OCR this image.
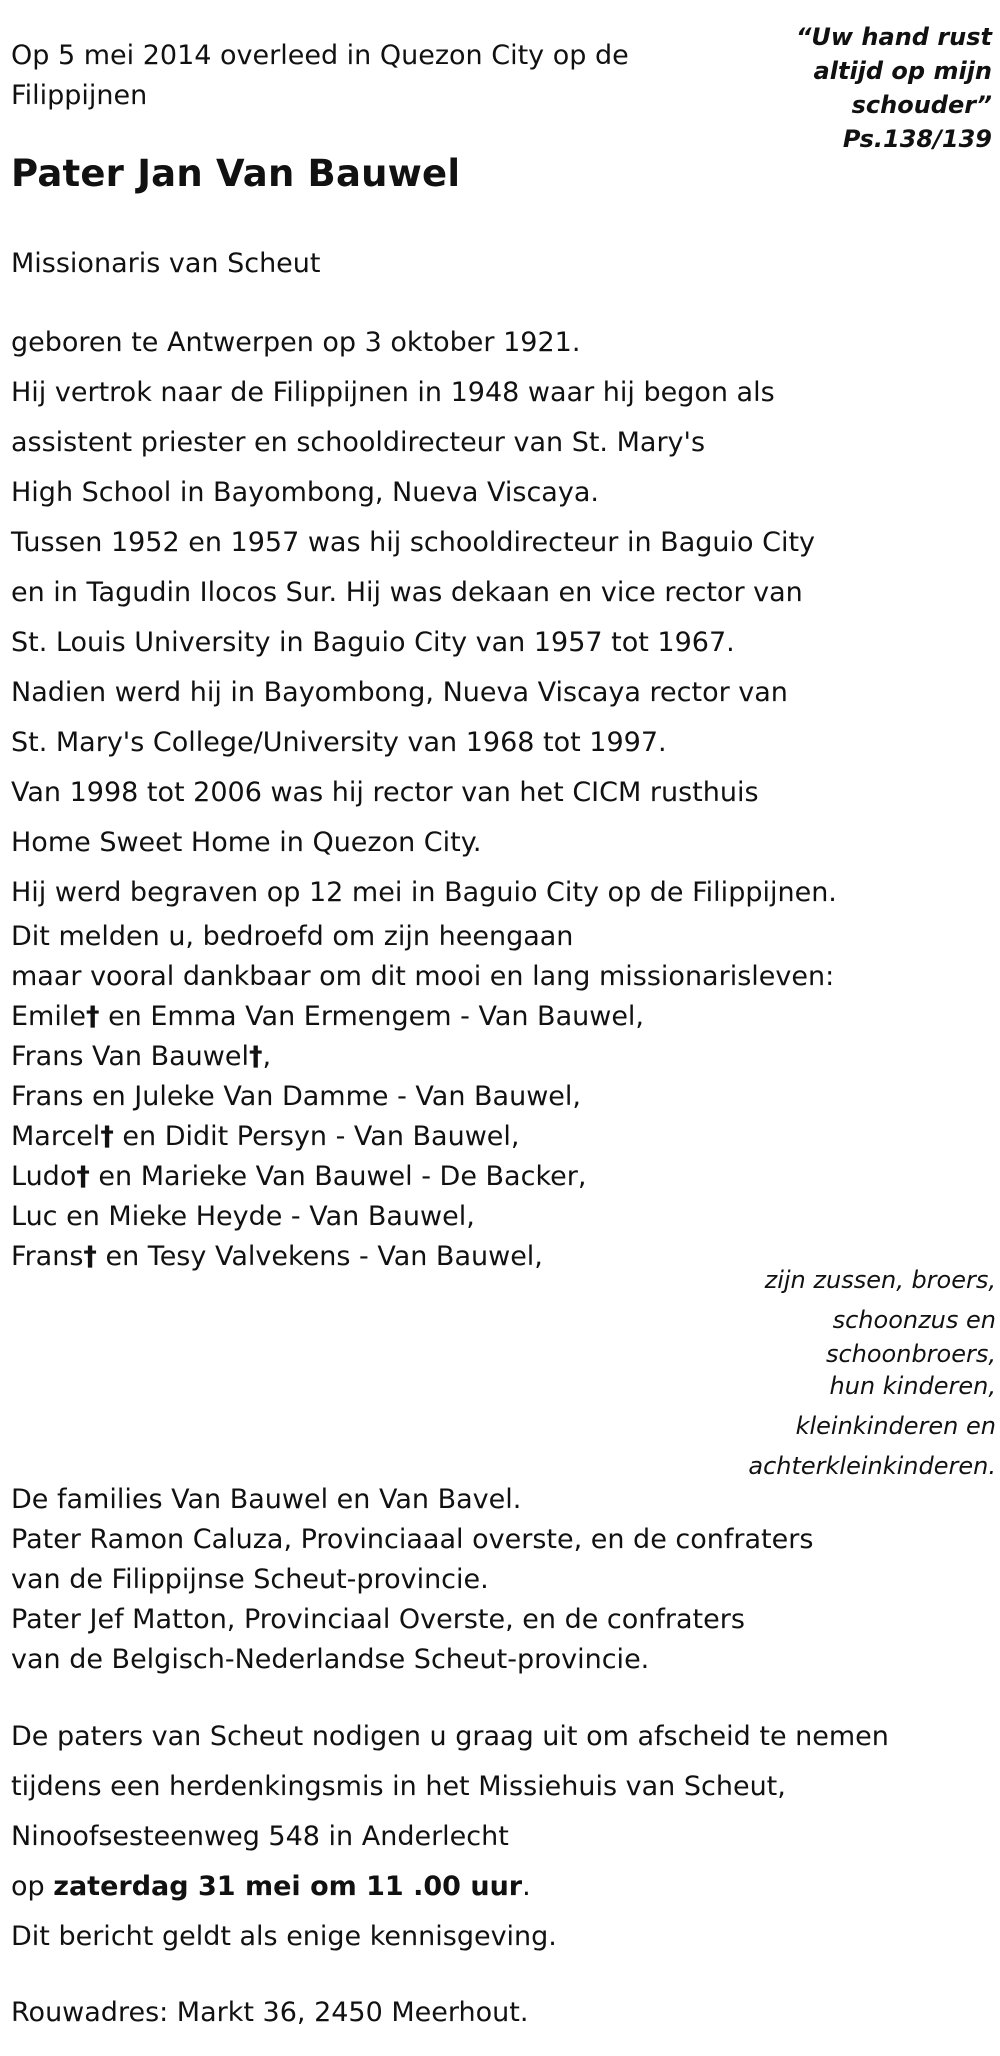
Op 5 mei 2014 overleed in Quezon City op de
Filippijnen
“Uw hand rust
altijd op mijn
schouder”
Ps.138/139
Pater Jan Van Bauwel
Missionaris van Scheut
geboren te Antwerpen op 3 oktober 1921.
Hij vertrok naar de Filippijnen in 1948 waar hij begon als
assistent priester en schooldirecteur van St. Mary's
High School in Bayombong, Nueva Viscaya.
Tussen 1952 en 1957 was hij schooldirecteur in Baguio City
en in Tagudin Ilocos Sur. Hij was dekaan en vice rector van
St. Louis University in Baguio City van 1957 tot 1967.
Nadien werd hij in Bayombong, Nueva Viscaya rector van
St. Mary's College/University van 1968 tot 1997.
Van 1998 tot 2006 was hij rector van het CICM rusthuis
Home Sweet Home in Quezon City.
Hij werd begraven op 12 mei in Baguio City op de Filippijnen.
Dit melden u, bedroefd om zijn heengaan
maar vooral dankbaar om dit mooi en lang missionarisleven:
Emile† en Emma Van Ermengem - Van Bauwel,
Frans Van Bauwel†,
Frans en Juleke Van Damme - Van Bauwel,
Marcel† en Didit Persyn - Van Bauwel,
Ludo† en Marieke Van Bauwel - De Backer,
Luc en Mieke Heyde - Van Bauwel,
Frans† en Tesy Valvekens - Van Bauwel,
zijn zussen, broers,
schoonzus en
schoonbroers,
hun kinderen,
kleinkinderen en
achterkleinkinderen.
De families Van Bauwel en Van Bavel.
Pater Ramon Caluza, Provinciaaal overste, en de confraters
van de Filippijnse Scheut-provincie.
Pater Jef Matton, Provinciaal Overste, en de confraters
van de Belgisch-Nederlandse Scheut-provincie.
De paters van Scheut nodigen u graag uit om afscheid te nemen
tijdens een herdenkingsmis in het Missiehuis van Scheut,
Ninoofsesteenweg 548 in Anderlecht
op zaterdag 31 mei om 11 .00 uur.
Dit bericht geldt als enige kennisgeving.
Rouwadres: Markt 36, 2450 Meerhout.
